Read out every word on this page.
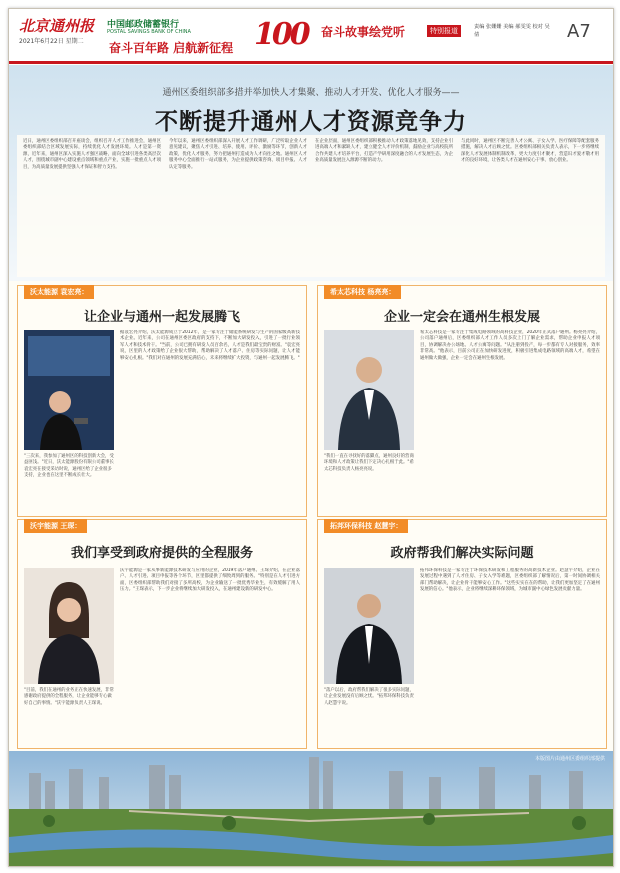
北京通州报
2021年6月22日 星期二
中国邮政储蓄银行
POSTAL SAVINGS BANK OF CHINA
奋斗百年路 启航新征程 100 奋斗故事绘党听	特别报道	责编 张姗姗 美编 郝雯雯 校对 吴倩	A7
通州区委组织部多措并举加快人才集聚、推动人才开发、优化人才服务——
不断提升通州人才资源竞争力
近日，通州区委组织部召开座谈会，组织召开人才工作推进会，通州区委组织部结合区域发展实际，持续优化人才发展环境。人才是第一资源，近年来，通州区深入实施人才强区战略，面向全球引进各类高层次人才，围绕城市副中心建设重点领域和重点产业，实施一批重点人才项目，为高质量发展提供坚强人才保证和智力支持。
今年以来，通州区委组织部深入开展人才工作调研，广泛听取企业人才意见建议，聚焦人才引进、培养、使用、评价、激励等环节，创新人才政策，优化人才服务，努力把通州打造成为人才向往之地。通州区人才服务中心全面推行一站式服务，为企业提供政策咨询、项目申报、人才认定等服务。
在企业层面，通州区委组织部积极推动人才政策落地见效，支持企业引进高端人才和紧缺人才，建立健全人才评价机制，鼓励企业与高校院所合作共建人才培养平台，打造产学研用深度融合的人才发展生态，为企业高质量发展注入源源不断的动力。
与此同时，通州区不断完善人才公寓、子女入学、医疗保障等配套服务措施，解决人才后顾之忧。区委组织部相关负责人表示，下一步将继续深化人才发展体制机制改革，更大力度引才聚才，营造识才爱才敬才用才的良好环境，让各类人才在通州安心干事、放心创业。
沃太能源 袁宏亮：
让企业与通州一起发展腾飞
"三次来，我参加了通州区的科技创新大会，受益匪浅。"近日，沃太能源股份有限公司董事长袁宏亮在接受采访时说，通州区给了企业很多支持，企业也在这里不断成长壮大。
据袁宏亮介绍，沃太能源成立于2012年，是一家专注于储能系统研发与生产的国家级高新技术企业。近年来，公司在通州区委区政府的支持下，不断加大研发投入，引进了一批行业领军人才和技术骨干。"当前，公司已拥有研发人员百余名，人才是我们最宝贵的财富。"袁宏亮说，区里的人才政策给了企业很大帮助，帮助解决了人才落户、住房等实际问题，让人才能够安心扎根。"我们对在通州的发展充满信心，未来将继续扩大投资，与通州一起发展腾飞。"
希太芯科技 杨亮亮：
企业一定会在通州生根发展
"我们一直在寻找好的落脚点，通州良好的营商环境和人才政策让我们下定决心扎根于此。"希太芯科技负责人杨亮亮说。
希太芯科技是一家专注于集成电路领域的高科技企业，2020年正式落户通州。杨亮亮介绍，公司落户通州后，区委组织部人才工作人员多次上门了解企业需求，帮助企业申报人才项目，协调解决办公场地、人才公寓等问题。"从注册到投产，每一步都有专人对接服务，效率非常高。"他表示，目前公司正在加快研发进度，积极引进集成电路领域的高端人才，希望在通州做大做强，企业一定会在通州生根发展。
沃宇能源 王琛：
我们享受到政府提供的全程服务
"目前，我们在通州的业务正在快速发展，非常感谢政府提供的全程服务，让企业能够专心做好自己的事情。"沃宇能源负责人王琛说。
沃宇能源是一家从事新能源技术研发与应用的企业，2019年落户通州。王琛介绍，在企业落户、人才引进、项目申报等各个环节，区里都提供了细致周到的服务。"特别是在人才引进方面，区委组织部帮助我们对接了多所高校，为企业输送了一批优秀毕业生，有效缓解了用人压力。"王琛表示，下一步企业将继续加大研发投入，在通州建设新的研发中心。
拓邦环保科技 赵慧宇：
政府帮我们解决实际问题
"落户以后，政府帮我们解决了很多实际问题，让企业发展没有后顾之忧。"拓邦环保科技负责人赵慧宇说。
拓邦环保科技是一家专注于环保技术研发和工程服务的高新技术企业。赵慧宇介绍，企业在发展过程中遇到了人才住房、子女入学等难题，区委组织部了解情况后，第一时间协调相关部门帮助解决，让企业骨干能够安心工作。"这些实实在在的帮助，让我们更加坚定了在通州发展的信心。"他表示，企业将继续深耕环保领域，为城市副中心绿色发展贡献力量。
本版图片由通州区委组织部提供
